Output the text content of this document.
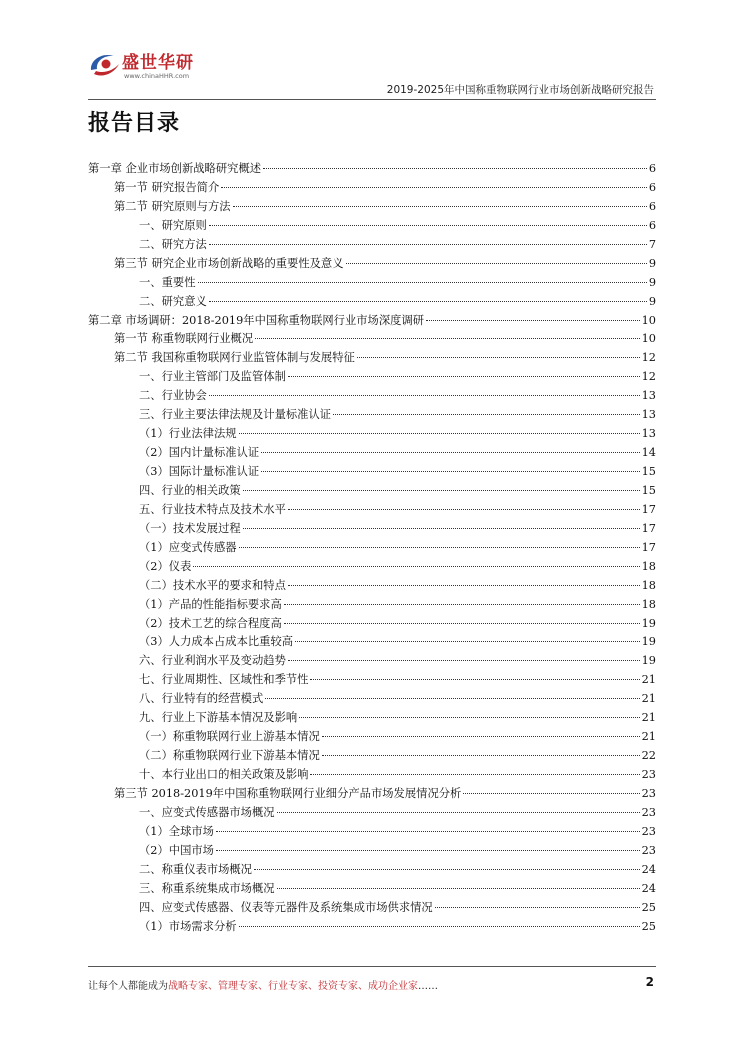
盛世华研
www.chinaHHR.com
2019-2025年中国称重物联网行业市场创新战略研究报告
报告目录
第一章 企业市场创新战略研究概述	6
第一节 研究报告简介	6
第二节 研究原则与方法	6
一、研究原则	6
二、研究方法	7
第三节 研究企业市场创新战略的重要性及意义	9
一、重要性	9
二、研究意义	9
第二章 市场调研：2018-2019年中国称重物联网行业市场深度调研	10
第一节 称重物联网行业概况	10
第二节 我国称重物联网行业监管体制与发展特征	12
一、行业主管部门及监管体制	12
二、行业协会	13
三、行业主要法律法规及计量标准认证	13
（1）行业法律法规	13
（2）国内计量标准认证	14
（3）国际计量标准认证	15
四、行业的相关政策	15
五、行业技术特点及技术水平	17
（一）技术发展过程	17
（1）应变式传感器	17
（2）仪表	18
（二）技术水平的要求和特点	18
（1）产品的性能指标要求高	18
（2）技术工艺的综合程度高	19
（3）人力成本占成本比重较高	19
六、行业利润水平及变动趋势	19
七、行业周期性、区域性和季节性	21
八、行业特有的经营模式	21
九、行业上下游基本情况及影响	21
（一）称重物联网行业上游基本情况	21
（二）称重物联网行业下游基本情况	22
十、本行业出口的相关政策及影响	23
第三节 2018-2019年中国称重物联网行业细分产品市场发展情况分析	23
一、应变式传感器市场概况	23
（1）全球市场	23
（2）中国市场	23
二、称重仪表市场概况	24
三、称重系统集成市场概况	24
四、应变式传感器、仪表等元器件及系统集成市场供求情况	25
（1）市场需求分析	25
让每个人都能成为战略专家、管理专家、行业专家、投资专家、成功企业家……	2
